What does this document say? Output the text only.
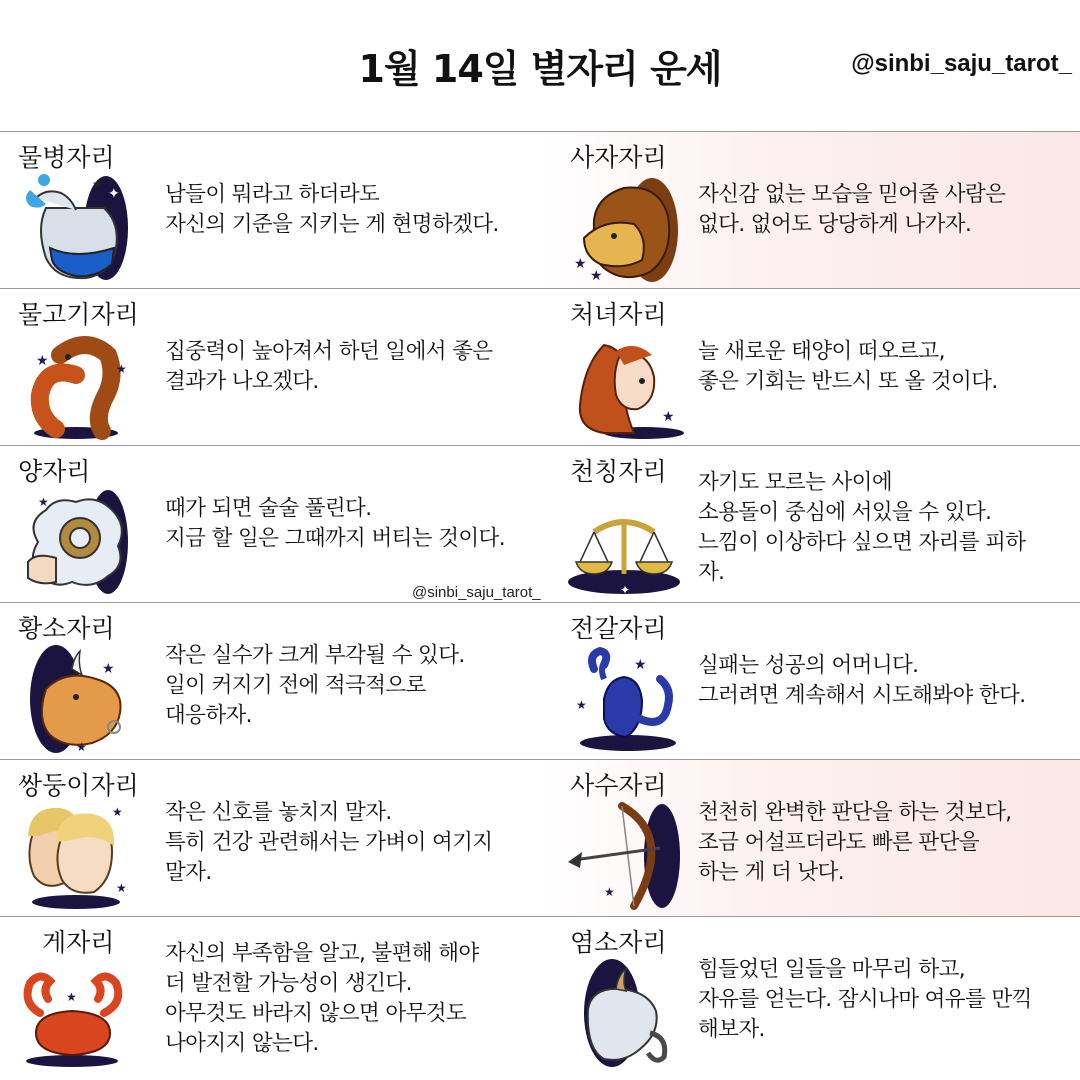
1월 14일 별자리 운세	@sinbi_saju_tarot_
물병자리
✦
★	남들이 뭐라고 하더라도
자신의 기준을 지키는 게 현명하겠다.
사자자리
★
★
자신감 없는 모습을 믿어줄 사람은
없다. 없어도 당당하게 나가자.
물고기자리
★	★
집중력이 높아져서 하던 일에서 좋은
결과가 나오겠다.
처녀자리
★
늘 새로운 태양이 떠오르고,
좋은 기회는 반드시 또 올 것이다.
양자리
★	때가 되면 술술 풀린다.
지금 할 일은 그때까지 버티는 것이다.
천칭자리
✦
자기도 모르는 사이에
소용돌이 중심에 서있을 수 있다.
느낌이 이상하다 싶으면 자리를 피하
자.
황소자리
★
★
작은 실수가 크게 부각될 수 있다.
일이 커지기 전에 적극적으로
대응하자.
전갈자리
★
★
실패는 성공의 어머니다.
그러려면 계속해서 시도해봐야 한다.
쌍둥이자리
★
★
작은 신호를 놓치지 말자.
특히 건강 관련해서는 가벼이 여기지
말자.
사수자리
★
천천히 완벽한 판단을 하는 것보다,
조금 어설프더라도 빠른 판단을
하는 게 더 낫다.
게자리
★
자신의 부족함을 알고, 불편해 해야
더 발전할 가능성이 생긴다.
아무것도 바라지 않으면 아무것도
나아지지 않는다.
염소자리
✦
힘들었던 일들을 마무리 하고,
자유를 얻는다. 잠시나마 여유를 만끽
해보자.
@sinbi_saju_tarot_
